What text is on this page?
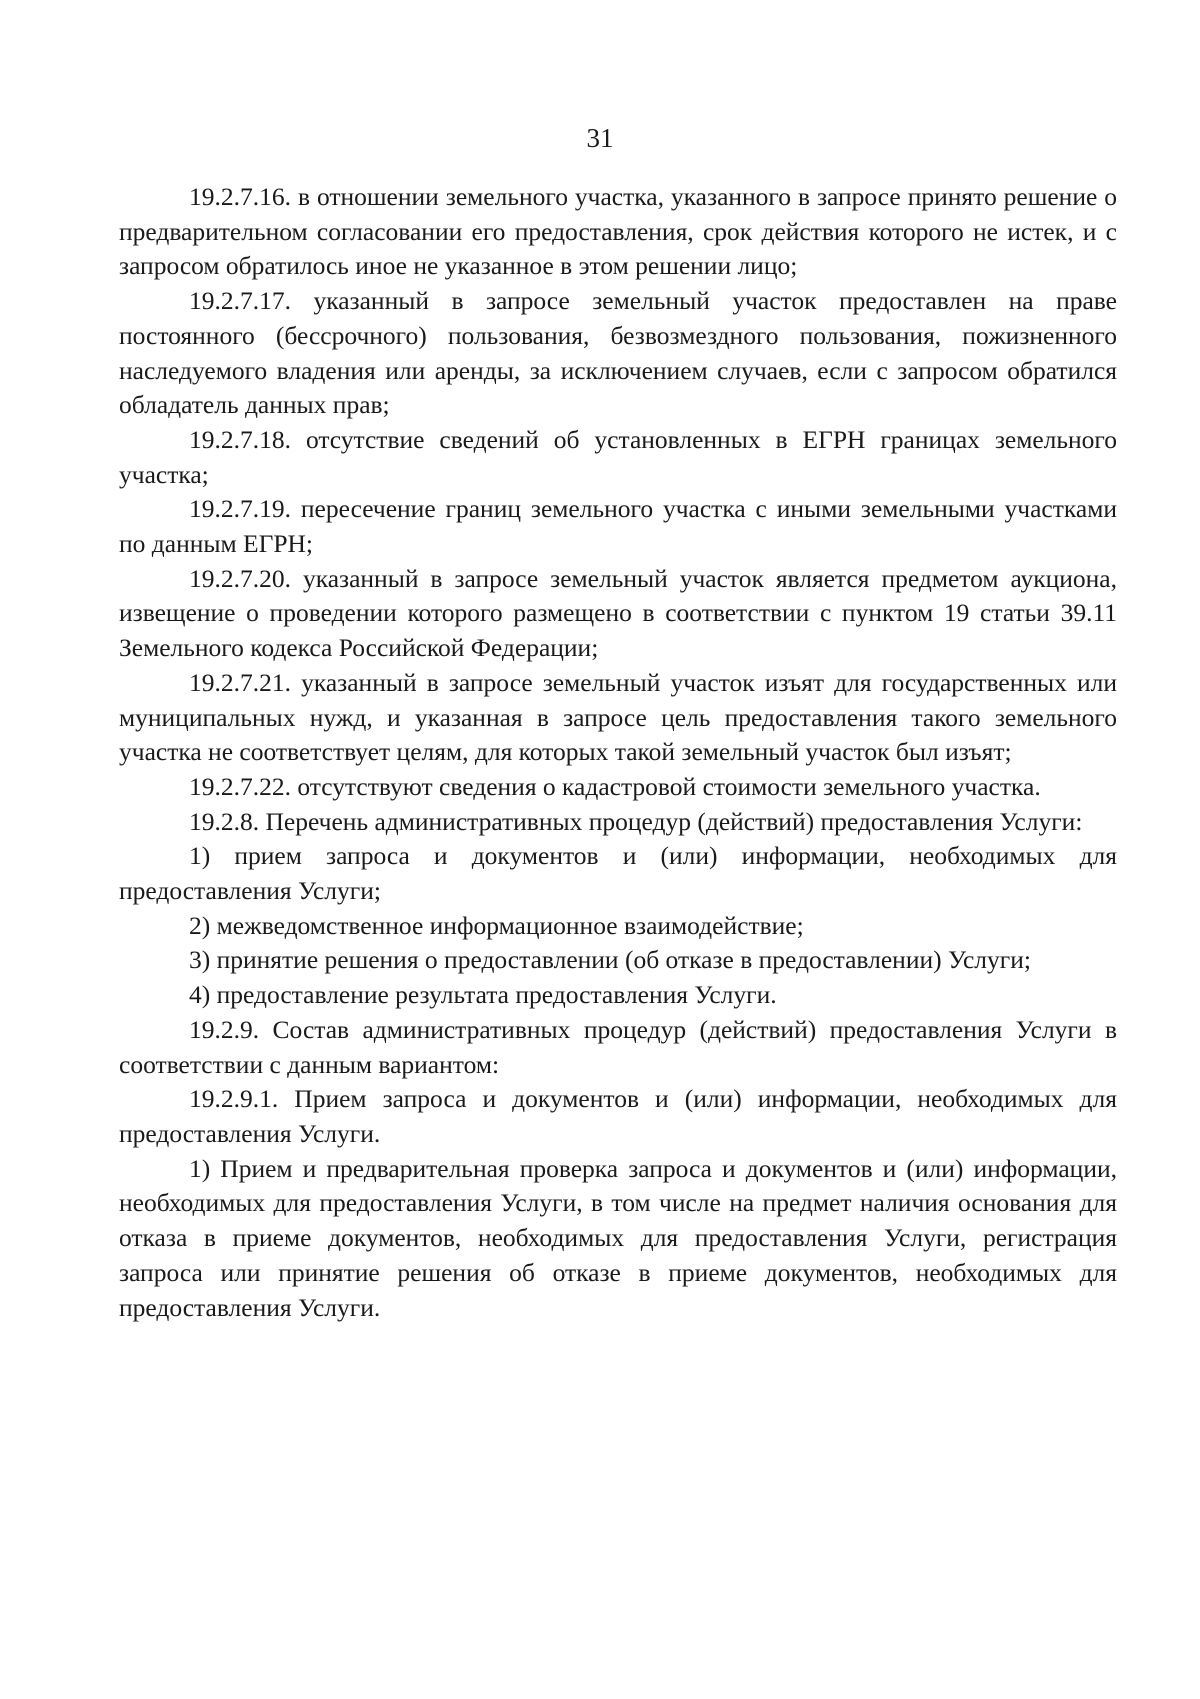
31

19.2.7.16. в отношении земельного участка, указанного в запросе принято решение о предварительном согласовании его предоставления, срок действия которого не истек, и с запросом обратилось иное не указанное в этом решении лицо;

19.2.7.17. указанный в запросе земельный участок предоставлен на праве постоянного (бессрочного) пользования, безвозмездного пользования, пожизненного наследуемого владения или аренды, за исключением случаев, если с запросом обратился обладатель данных прав;

19.2.7.18. отсутствие сведений об установленных в ЕГРН границах земельного участка;

19.2.7.19. пересечение границ земельного участка с иными земельными участками по данным ЕГРН;

19.2.7.20. указанный в запросе земельный участок является предметом аукциона, извещение о проведении которого размещено в соответствии с пунктом 19 статьи 39.11 Земельного кодекса Российской Федерации;

19.2.7.21. указанный в запросе земельный участок изъят для государственных или муниципальных нужд, и указанная в запросе цель предоставления такого земельного участка не соответствует целям, для которых такой земельный участок был изъят;

19.2.7.22. отсутствуют сведения о кадастровой стоимости земельного участка.

19.2.8. Перечень административных процедур (действий) предоставления Услуги:

1) прием запроса и документов и (или) информации, необходимых для предоставления Услуги;

2) межведомственное информационное взаимодействие;

3) принятие решения о предоставлении (об отказе в предоставлении) Услуги;

4) предоставление результата предоставления Услуги.

19.2.9. Состав административных процедур (действий) предоставления Услуги в соответствии с данным вариантом:

19.2.9.1. Прием запроса и документов и (или) информации, необходимых для предоставления Услуги.

1) Прием и предварительная проверка запроса и документов и (или) информации, необходимых для предоставления Услуги, в том числе на предмет наличия основания для отказа в приеме документов, необходимых для предоставления Услуги, регистрация запроса или принятие решения об отказе в приеме документов, необходимых для предоставления Услуги.
